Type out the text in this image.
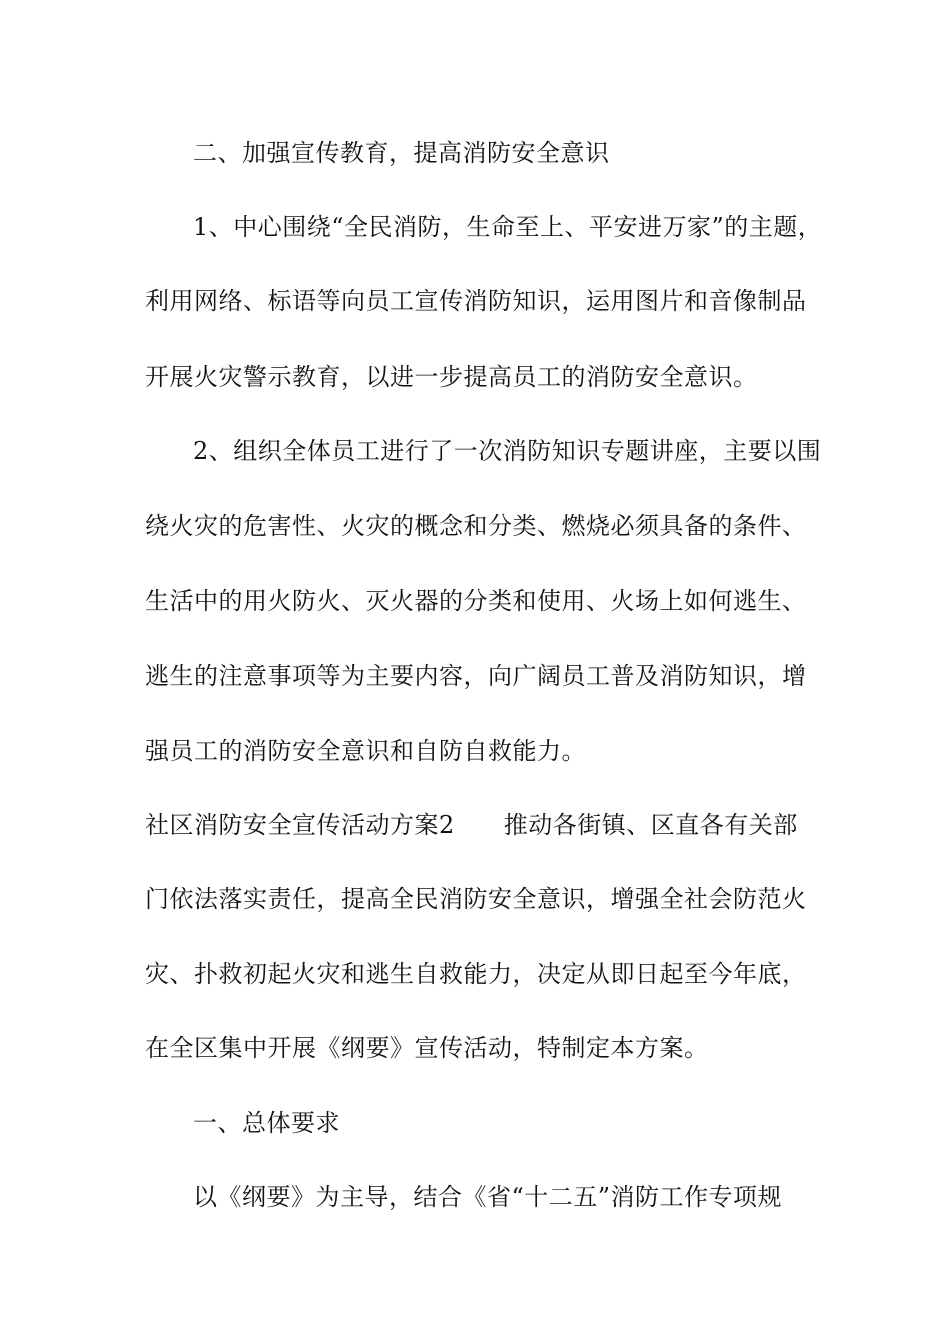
二、加强宣传教育，提高消防安全意识
1、中心围绕“全民消防，生命至上、平安进万家”的主题，
利用网络、标语等向员工宣传消防知识，运用图片和音像制品
开展火灾警示教育，以进一步提高员工的消防安全意识。
2、组织全体员工进行了一次消防知识专题讲座，主要以围
绕火灾的危害性、火灾的概念和分类、燃烧必须具备的条件、
生活中的用火防火、灭火器的分类和使用、火场上如何逃生、
逃生的注意事项等为主要内容，向广阔员工普及消防知识，增
强员工的消防安全意识和自防自救能力。
社区消防安全宣传活动方案2　　推动各街镇、区直各有关部
门依法落实责任，提高全民消防安全意识，增强全社会防范火
灾、扑救初起火灾和逃生自救能力，决定从即日起至今年底，
在全区集中开展《纲要》宣传活动，特制定本方案。
一、总体要求
以《纲要》为主导，结合《省“十二五”消防工作专项规
